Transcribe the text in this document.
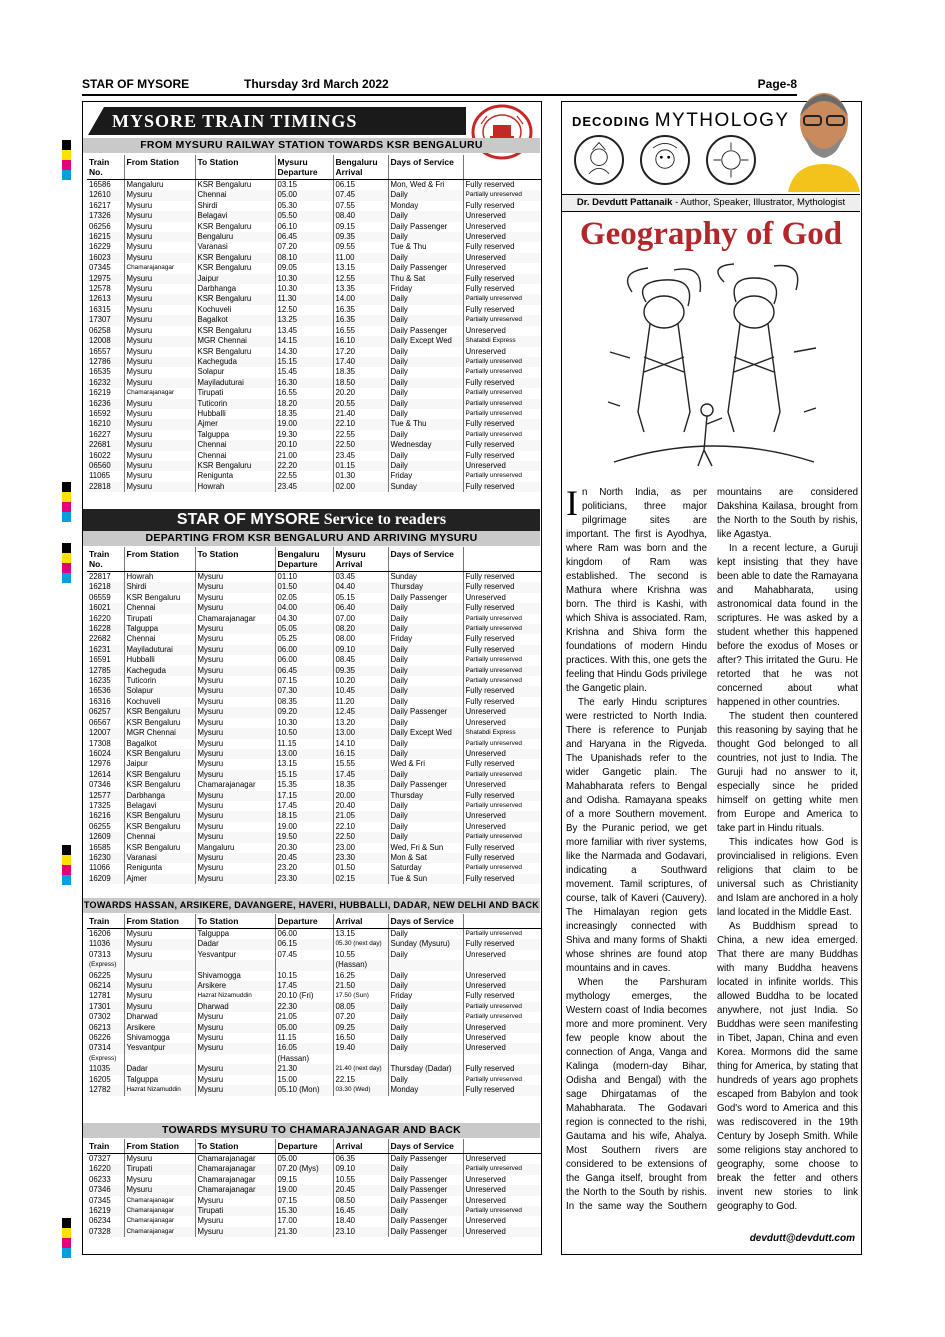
STAR OF MYSORE	Thursday 3rd March 2022	Page-8
MYSORE TRAIN TIMINGS
FROM MYSURU RAILWAY STATION TOWARDS KSR BENGALURU
Train No.	From Station	To Station	Mysuru Departure	Bengaluru Arrival	Days of Service	
16586	Mangaluru	KSR Bengaluru	03.15	06.15	Mon, Wed & Fri	Fully reserved
12610	Mysuru	Chennai	05.00	07.45	Daily	Partially unreserved
16217	Mysuru	Shirdi	05.30	07.55	Monday	Fully reserved
17326	Mysuru	Belagavi	05.50	08.40	Daily	Unreserved
06256	Mysuru	KSR Bengaluru	06.10	09.15	Daily Passenger	Unreserved
16215	Mysuru	Bengaluru	06.45	09.35	Daily	Unreserved
16229	Mysuru	Varanasi	07.20	09.55	Tue & Thu	Fully reserved
16023	Mysuru	KSR Bengaluru	08.10	11.00	Daily	Unreserved
07345	Chamarajanagar	KSR Bengaluru	09.05	13.15	Daily Passenger	Unreserved
12975	Mysuru	Jaipur	10.30	12.55	Thu & Sat	Fully reserved
12578	Mysuru	Darbhanga	10.30	13.35	Friday	Fully reserved
12613	Mysuru	KSR Bengaluru	11.30	14.00	Daily	Partially unreserved
16315	Mysuru	Kochuveli	12.50	16.35	Daily	Fully reserved
17307	Mysuru	Bagalkot	13.25	16.35	Daily	Partially unreserved
06258	Mysuru	KSR Bengaluru	13.45	16.55	Daily Passenger	Unreserved
12008	Mysuru	MGR Chennai	14.15	16.10	Daily Except Wed	Shatabdi Express
16557	Mysuru	KSR Bengaluru	14.30	17.20	Daily	Unreserved
12786	Mysuru	Kacheguda	15.15	17.40	Daily	Partially unreserved
16535	Mysuru	Solapur	15.45	18.35	Daily	Partially unreserved
16232	Mysuru	Mayiladuturai	16.30	18.50	Daily	Fully reserved
16219	Chamarajanagar	Tirupati	16.55	20.20	Daily	Partially unreserved
16236	Mysuru	Tuticorin	18.20	20.55	Daily	Partially unreserved
16592	Mysuru	Hubballi	18.35	21.40	Daily	Partially unreserved
16210	Mysuru	Ajmer	19.00	22.10	Tue & Thu	Fully reserved
16227	Mysuru	Talguppa	19.30	22.55	Daily	Partially unreserved
22681	Mysuru	Chennai	20.10	22.50	Wednesday	Fully reserved
16022	Mysuru	Chennai	21.00	23.45	Daily	Fully reserved
06560	Mysuru	KSR Bengaluru	22.20	01.15	Daily	Unreserved
11065	Mysuru	Renigunta	22.55	01.30	Friday	Partially unreserved
22818	Mysuru	Howrah	23.45	02.00	Sunday	Fully reserved
STAR OF MYSORE Service to readers
DEPARTING FROM KSR BENGALURU AND ARRIVING MYSURU
Train No.	From Station	To Station	Bengaluru Departure	Mysuru Arrival	Days of Service	
22817	Howrah	Mysuru	01.10	03.45	Sunday	Fully reserved
16218	Shirdi	Mysuru	01.50	04.40	Thursday	Fully reserved
06559	KSR Bengaluru	Mysuru	02.05	05.15	Daily Passenger	Unreserved
16021	Chennai	Mysuru	04.00	06.40	Daily	Fully reserved
16220	Tirupati	Chamarajanagar	04.30	07.00	Daily	Partially unreserved
16228	Talguppa	Mysuru	05.05	08.20	Daily	Partially unreserved
22682	Chennai	Mysuru	05.25	08.00	Friday	Fully reserved
16231	Mayiladuturai	Mysuru	06.00	09.10	Daily	Fully reserved
16591	Hubballi	Mysuru	06.00	08.45	Daily	Partially unreserved
12785	Kacheguda	Mysuru	06.45	09.35	Daily	Partially unreserved
16235	Tuticorin	Mysuru	07.15	10.20	Daily	Partially unreserved
16536	Solapur	Mysuru	07.30	10.45	Daily	Fully reserved
16316	Kochuveli	Mysuru	08.35	11.20	Daily	Fully reserved
06257	KSR Bengaluru	Mysuru	09.20	12.45	Daily Passenger	Unreserved
06567	KSR Bengaluru	Mysuru	10.30	13.20	Daily	Unreserved
12007	MGR Chennai	Mysuru	10.50	13.00	Daily Except Wed	Shatabdi Express
17308	Bagalkot	Mysuru	11.15	14.10	Daily	Partially unreserved
16024	KSR Bengaluru	Mysuru	13.00	16.15	Daily	Unreserved
12976	Jaipur	Mysuru	13.15	15.55	Wed & Fri	Fully reserved
12614	KSR Bengaluru	Mysuru	15.15	17.45	Daily	Partially unreserved
07346	KSR Bengaluru	Chamarajanagar	15.35	18.35	Daily Passenger	Unreserved
12577	Darbhanga	Mysuru	17.15	20.00	Thursday	Fully reserved
17325	Belagavi	Mysuru	17.45	20.40	Daily	Partially unreserved
16216	KSR Bengaluru	Mysuru	18.15	21.05	Daily	Unreserved
06255	KSR Bengaluru	Mysuru	19.00	22.10	Daily	Unreserved
12609	Chennai	Mysuru	19.50	22.50	Daily	Partially unreserved
16585	KSR Bengaluru	Mangaluru	20.30	23.00	Wed, Fri & Sun	Fully reserved
16230	Varanasi	Mysuru	20.45	23.30	Mon & Sat	Fully reserved
11066	Renigunta	Mysuru	23.20	01.50	Saturday	Partially unreserved
16209	Ajmer	Mysuru	23.30	02.15	Tue & Sun	Fully reserved
TOWARDS HASSAN, ARSIKERE, DAVANGERE, HAVERI, HUBBALLI, DADAR, NEW DELHI AND BACK
Train	From Station	To Station	Departure	Arrival	Days of Service	
16206	Mysuru	Talguppa	06.00	13.15	Daily	Partially unreserved
11036	Mysuru	Dadar	06.15	05.30 (next day)	Sunday (Mysuru)	Fully reserved
07313	Mysuru	Yesvantpur	07.45	10.55	Daily	Unreserved
(Express)				(Hassan)		
06225	Mysuru	Shivamogga	10.15	16.25	Daily	Unreserved
06214	Mysuru	Arsikere	17.45	21.50	Daily	Unreserved
12781	Mysuru	Hazrat Nizamuddin	20.10 (Fri)	17.50 (Sun)	Friday	Fully reserved
17301	Mysuru	Dharwad	22.30	08.05	Daily	Partially unreserved
07302	Dharwad	Mysuru	21.05	07.20	Daily	Partially unreserved
06213	Arsikere	Mysuru	05.00	09.25	Daily	Unreserved
06226	Shivamogga	Mysuru	11.15	16.50	Daily	Unreserved
07314	Yesvantpur	Mysuru	16.05	19.40	Daily	Unreserved
(Express)			(Hassan)			
11035	Dadar	Mysuru	21.30	21.40 (next day)	Thursday (Dadar)	Fully reserved
16205	Talguppa	Mysuru	15.00	22.15	Daily	Partially unreserved
12782	Hazrat Nizamuddin	Mysuru	05.10 (Mon)	03.30 (Wed)	Monday	Fully reserved
TOWARDS MYSURU TO CHAMARAJANAGAR AND BACK
Train	From Station	To Station	Departure	Arrival	Days of Service	
07327	Mysuru	Chamarajanagar	05.00	06.35	Daily Passenger	Unreserved
16220	Tirupati	Chamarajanagar	07.20 (Mys)	09.10	Daily	Partially unreserved
06233	Mysuru	Chamarajanagar	09.15	10.55	Daily Passenger	Unreserved
07346	Mysuru	Chamarajanagar	19.00	20.45	Daily Passenger	Unreserved
07345	Chamarajanagar	Mysuru	07.15	08.50	Daily Passenger	Unreserved
16219	Chamarajanagar	Tirupati	15.30	16.45	Daily	Partially unreserved
06234	Chamarajanagar	Mysuru	17.00	18.40	Daily Passenger	Unreserved
07328	Chamarajanagar	Mysuru	21.30	23.10	Daily Passenger	Unreserved
DECODING MYTHOLOGY
Dr. Devdutt Pattanaik - Author, Speaker, Illustrator, Mythologist
Geography of God

In North India, as per politicians, three major pilgrimage sites are important. The first is Ayodhya, where Ram was born and the kingdom of Ram was established. The second is Mathura where Krishna was born. The third is Kashi, with which Shiva is associated. Ram, Krishna and Shiva form the foundations of modern Hindu practices. With this, one gets the feeling that Hindu Gods privilege the Gangetic plain.

The early Hindu scriptures were restricted to North India. There is reference to Punjab and Haryana in the Rigveda. The Upanishads refer to the wider Gangetic plain. The Mahabharata refers to Bengal and Odisha. Ramayana speaks of a more Southern movement. By the Puranic period, we get more familiar with river systems, like the Narmada and Godavari, indicating a Southward movement. Tamil scriptures, of course, talk of Kaveri (Cauvery). The Himalayan region gets increasingly connected with Shiva and many forms of Shakti whose shrines are found atop mountains and in caves.

When the Parshuram mythology emerges, the Western coast of India becomes more and more prominent. Very few people know about the connection of Anga, Vanga and Kalinga (modern-day Bihar, Odisha and Bengal) with the sage Dhirgatamas of the Mahabharata. The Godavari region is connected to the rishi, Gautama and his wife, Ahalya. Most Southern rivers are considered to be extensions of the Ganga itself, brought from the North to the South by rishis. In the same way the Southern mountains are considered Dakshina Kailasa, brought from the North to the South by rishis, like Agastya.

In a recent lecture, a Guruji kept insisting that they have been able to date the Ramayana and Mahabharata, using astronomical data found in the scriptures. He was asked by a student whether this happened before the exodus of Moses or after? This irritated the Guru. He retorted that he was not concerned about what happened in other countries.

The student then countered this reasoning by saying that he thought God belonged to all countries, not just to India. The Guruji had no answer to it, especially since he prided himself on getting white men from Europe and America to take part in Hindu rituals.

This indicates how God is provincialised in religions. Even religions that claim to be universal such as Christianity and Islam are anchored in a holy land located in the Middle East.

As Buddhism spread to China, a new idea emerged. That there are many Buddhas with many Buddha heavens located in infinite worlds. This allowed Buddha to be located anywhere, not just India. So Buddhas were seen manifesting in Tibet, Japan, China and even Korea. Mormons did the same thing for America, by stating that hundreds of years ago prophets escaped from Babylon and took God's word to America and this was rediscovered in the 19th Century by Joseph Smith. While some religions stay anchored to geography, some choose to break the fetter and others invent new stories to link geography to God.

devdutt@devdutt.com
